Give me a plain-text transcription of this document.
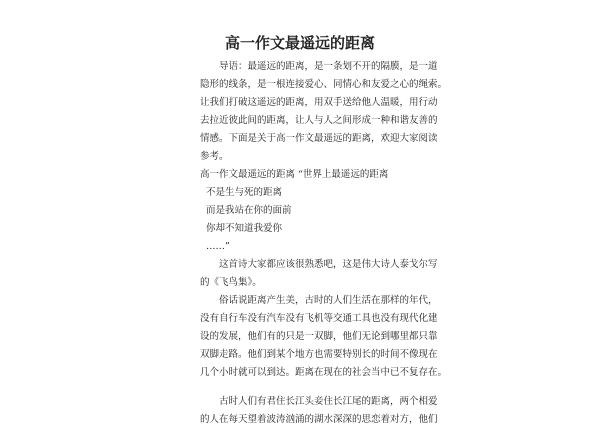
高一作文最遥远的距离
导语：最遥远的距离，是一条划不开的隔膜，是一道
隐形的线条，是一根连接爱心、同情心和友爱之心的绳索。
让我们打破这遥远的距离，用双手送给他人温暖，用行动
去拉近彼此间的距离，让人与人之间形成一种和谐友善的
情感。下面是关于高一作文最遥远的距离，欢迎大家阅读
参考。
高一作文最遥远的距离 “世界上最遥远的距离
不是生与死的距离
而是我站在你的面前
你却不知道我爱你
……”
这首诗大家都应该很熟悉吧，这是伟大诗人泰戈尔写
的《飞鸟集》。
俗话说距离产生美，古时的人们生活在那样的年代，
没有自行车没有汽车没有飞机等交通工具也没有现代化建
设的发展，他们有的只是一双脚，他们无论到哪里都只靠
双脚走路。他们到某个地方也需要特别长的时间不像现在
几个小时就可以到达。距离在现在的社会当中已不复存在。
古时人们有君住长江头妾住长江尾的距离，两个相爱
的人在每天望着波涛汹涌的湖水深深的思恋着对方，他们
